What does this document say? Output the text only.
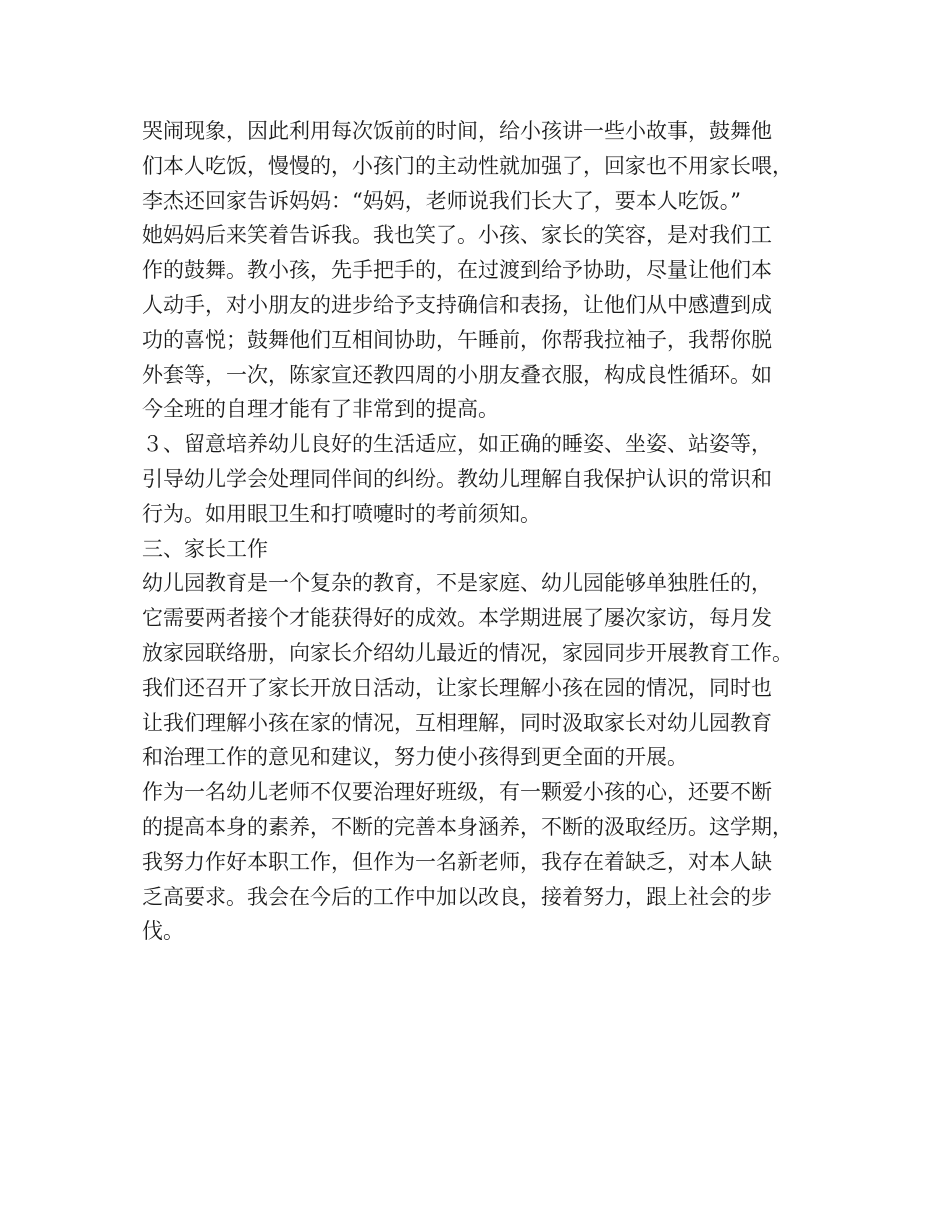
哭闹现象，因此利用每次饭前的时间，给小孩讲一些小故事，鼓舞他
们本人吃饭，慢慢的，小孩门的主动性就加强了，回家也不用家长喂，
李杰还回家告诉妈妈：“妈妈，老师说我们长大了，要本人吃饭。”
她妈妈后来笑着告诉我。我也笑了。小孩、家长的笑容，是对我们工
作的鼓舞。教小孩，先手把手的，在过渡到给予协助，尽量让他们本
人动手，对小朋友的进步给予支持确信和表扬，让他们从中感遭到成
功的喜悦；鼓舞他们互相间协助，午睡前，你帮我拉袖子，我帮你脱
外套等，一次，陈家宣还教四周的小朋友叠衣服，构成良性循环。如
今全班的自理才能有了非常到的提高。
３、留意培养幼儿良好的生活适应，如正确的睡姿、坐姿、站姿等，
引导幼儿学会处理同伴间的纠纷。教幼儿理解自我保护认识的常识和
行为。如用眼卫生和打喷嚏时的考前须知。
三、家长工作
幼儿园教育是一个复杂的教育，不是家庭、幼儿园能够单独胜任的，
它需要两者接个才能获得好的成效。本学期进展了屡次家访，每月发
放家园联络册，向家长介绍幼儿最近的情况，家园同步开展教育工作。
我们还召开了家长开放日活动，让家长理解小孩在园的情况，同时也
让我们理解小孩在家的情况，互相理解，同时汲取家长对幼儿园教育
和治理工作的意见和建议，努力使小孩得到更全面的开展。
作为一名幼儿老师不仅要治理好班级，有一颗爱小孩的心，还要不断
的提高本身的素养，不断的完善本身涵养，不断的汲取经历。这学期，
我努力作好本职工作，但作为一名新老师，我存在着缺乏，对本人缺
乏高要求。我会在今后的工作中加以改良，接着努力，跟上社会的步
伐。
